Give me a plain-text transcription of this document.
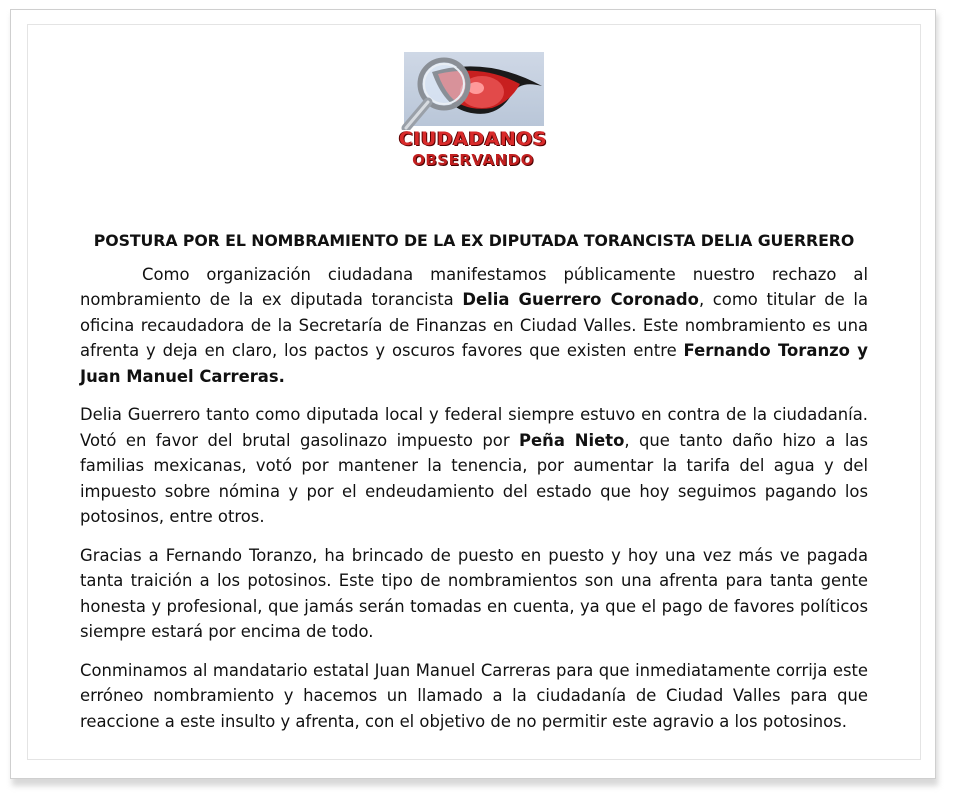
CIUDADANOS
OBSERVANDO
POSTURA POR EL NOMBRAMIENTO DE LA EX DIPUTADA TORANCISTA DELIA GUERRERO

Como organización ciudadana manifestamos públicamente nuestro rechazo al nombramiento de la ex diputada torancista Delia Guerrero Coronado, como titular de la oficina recaudadora de la Secretaría de Finanzas en Ciudad Valles. Este nombramiento es una afrenta y deja en claro, los pactos y oscuros favores que existen entre Fernando Toranzo y Juan Manuel Carreras.

Delia Guerrero tanto como diputada local y federal siempre estuvo en contra de la ciudadanía. Votó en favor del brutal gasolinazo impuesto por Peña Nieto, que tanto daño hizo a las familias mexicanas, votó por mantener la tenencia, por aumentar la tarifa del agua y del impuesto sobre nómina y por el endeudamiento del estado que hoy seguimos pagando los potosinos, entre otros.

Gracias a Fernando Toranzo, ha brincado de puesto en puesto y hoy una vez más ve pagada tanta traición a los potosinos. Este tipo de nombramientos son una afrenta para tanta gente honesta y profesional, que jamás serán tomadas en cuenta, ya que el pago de favores políticos siempre estará por encima de todo.

Conminamos al mandatario estatal Juan Manuel Carreras para que inmediatamente corrija este erróneo nombramiento y hacemos un llamado a la ciudadanía de Ciudad Valles para que reaccione a este insulto y afrenta, con el objetivo de no permitir este agravio a los potosinos.
